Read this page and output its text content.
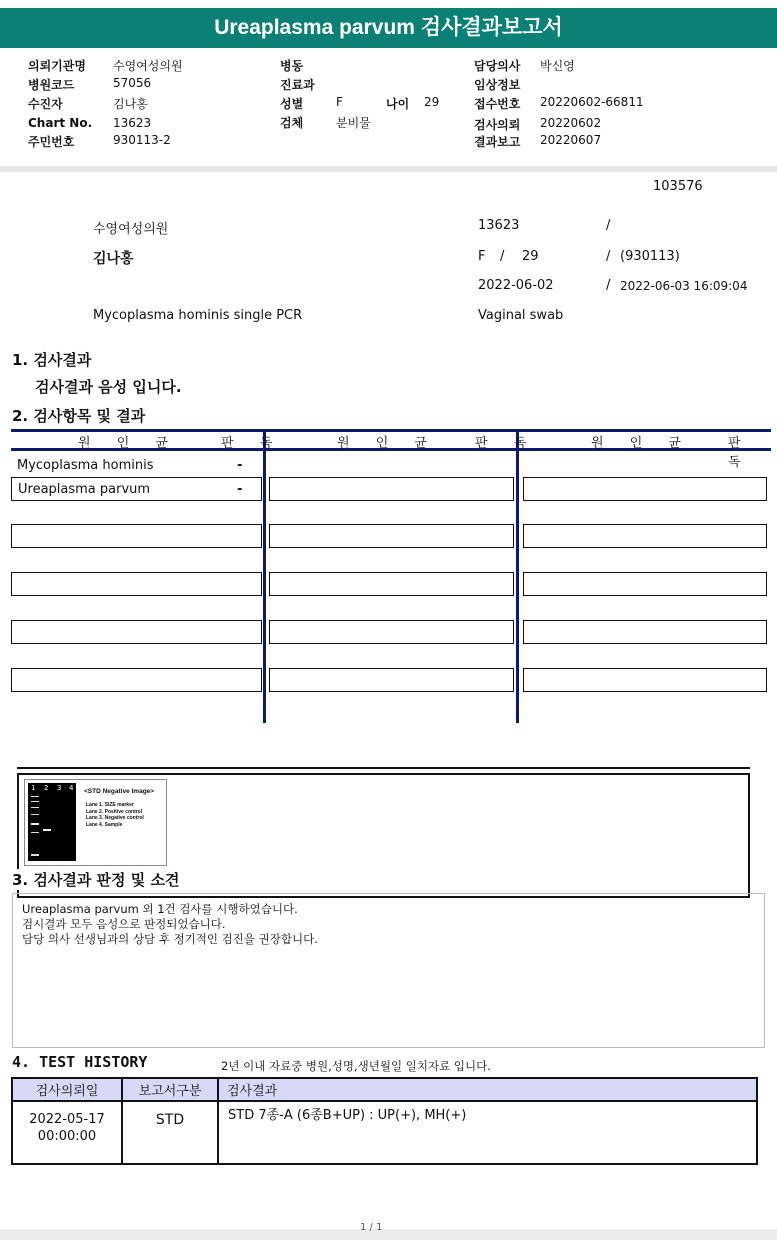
Ureaplasma parvum 검사결과보고서
의뢰기관명 수영여성의원
병원코드	57056
수진자	김나홍
Chart No. 13623
주민번호	930113-2
병동
진료과
성별	F	나이 29
검체	분비물
담당의사 박신영
임상정보
접수번호 20220602-66811
검사의뢰 20220602
결과보고 20220607
103576
수영여성의원	13623	/
김나홍	F / 29	/ (930113)
2022-06-02	/ 2022-06-03 16:09:04
Mycoplasma hominis single PCR	Vaginal swab
1. 검사결과
검사결과 음성 입니다.
2. 검사항목 및 결과
원 인 균	판 독	원 인 균	판 독	원 인 균	판 독
Mycoplasma hominis	-
Ureaplasma parvum	-
1 2 3 4 <STD Negative Image>
Lane 1. SIZE marker
Lane 2. Positive control
Lane 3. Negative control
Lane 4. Sample
3. 검사결과 판정 및 소견
Ureaplasma parvum 외 1건 검사를 시행하였습니다.
검시결과 모두 음성으로 판정되었습니다.
담당 의사 선생님과의 상담 후 정기적인 검진을 권장합니다.
4. TEST HISTORY	2년 이내 자료중 병원,성명,생년월일 일치자료 입니다.
검사의뢰일	보고서구분	검사결과
2022-05-17
00:00:00
STD	STD 7종-A (6종B+UP) : UP(+), MH(+)
1 / 1
